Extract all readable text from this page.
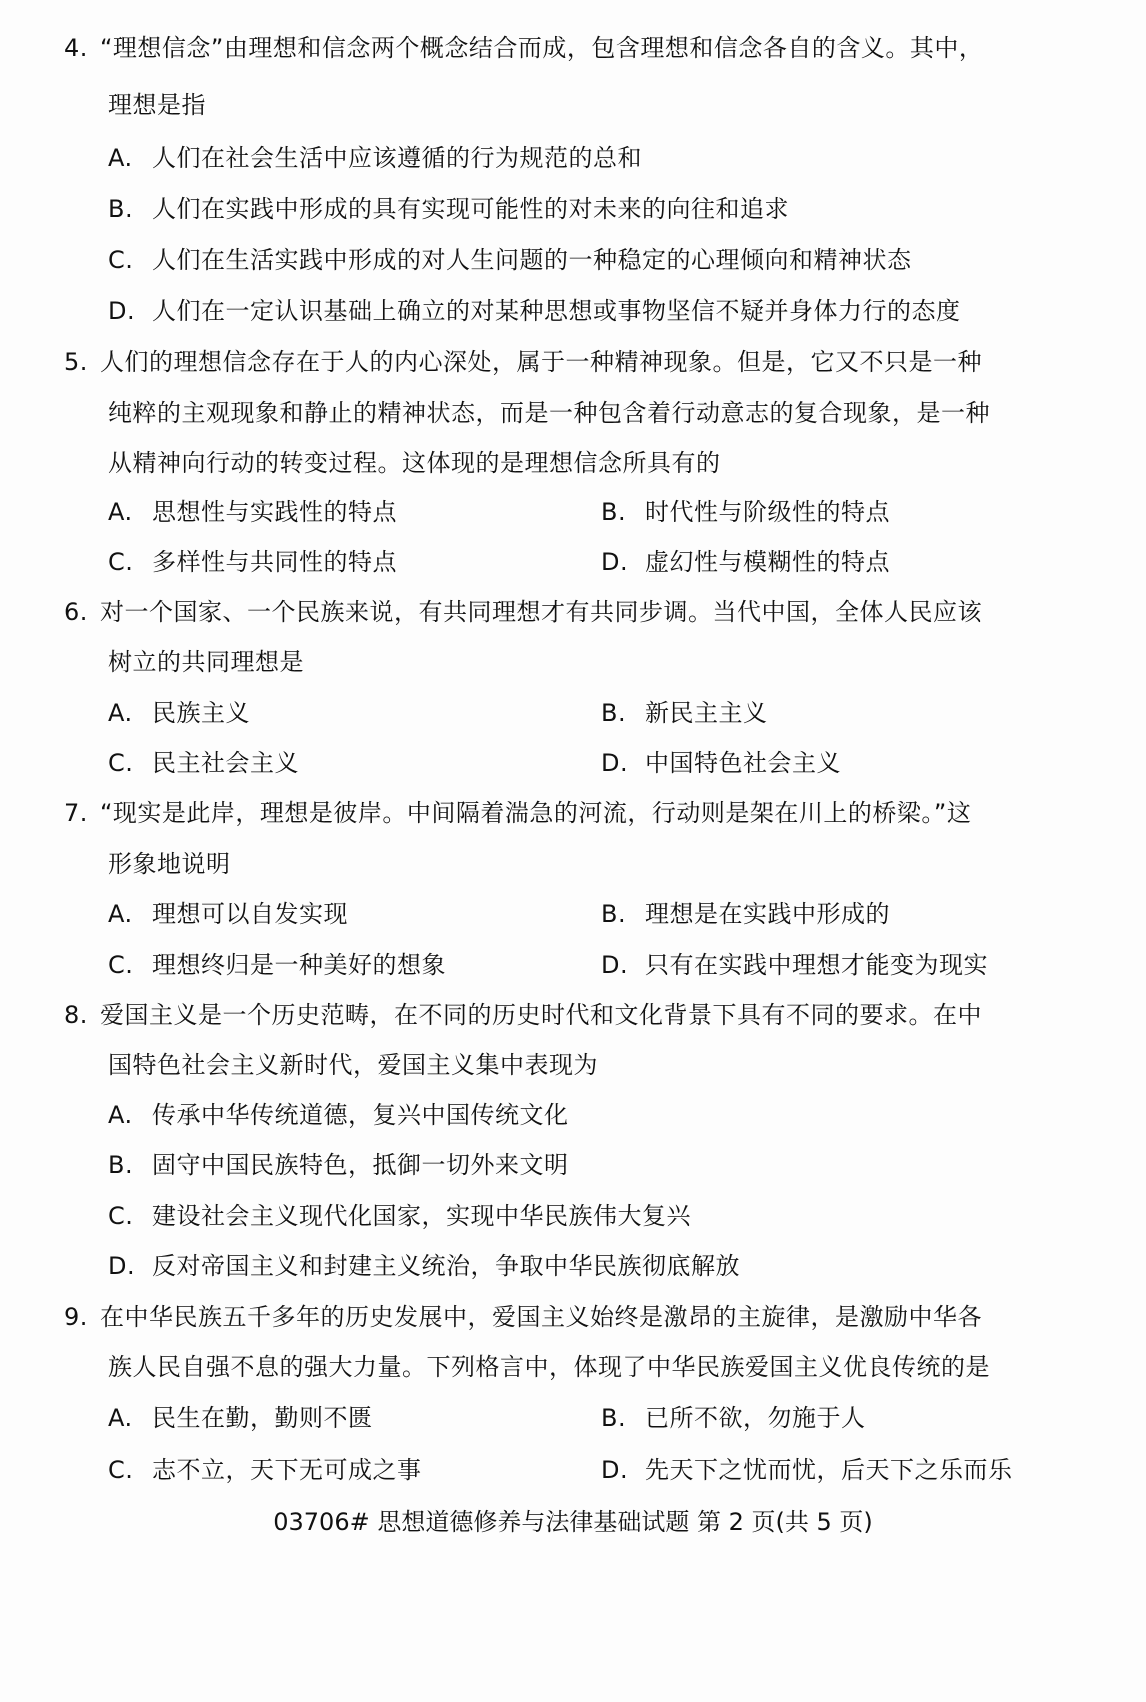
4. “理想信念”由理想和信念两个概念结合而成，包含理想和信念各自的含义。其中，
理想是指
A. 人们在社会生活中应该遵循的行为规范的总和
B. 人们在实践中形成的具有实现可能性的对未来的向往和追求
C. 人们在生活实践中形成的对人生问题的一种稳定的心理倾向和精神状态
D. 人们在一定认识基础上确立的对某种思想或事物坚信不疑并身体力行的态度
5. 人们的理想信念存在于人的内心深处，属于一种精神现象。但是，它又不只是一种
纯粹的主观现象和静止的精神状态，而是一种包含着行动意志的复合现象，是一种
从精神向行动的转变过程。这体现的是理想信念所具有的
A. 思想性与实践性的特点	B. 时代性与阶级性的特点
C. 多样性与共同性的特点	D. 虚幻性与模糊性的特点
6. 对一个国家、一个民族来说，有共同理想才有共同步调。当代中国，全体人民应该
树立的共同理想是
A. 民族主义	B. 新民主主义
C. 民主社会主义	D. 中国特色社会主义
7. “现实是此岸，理想是彼岸。中间隔着湍急的河流，行动则是架在川上的桥梁。”这
形象地说明
A. 理想可以自发实现	B. 理想是在实践中形成的
C. 理想终归是一种美好的想象	D. 只有在实践中理想才能变为现实
8. 爱国主义是一个历史范畴，在不同的历史时代和文化背景下具有不同的要求。在中
国特色社会主义新时代，爱国主义集中表现为
A. 传承中华传统道德，复兴中国传统文化
B. 固守中国民族特色，抵御一切外来文明
C. 建设社会主义现代化国家，实现中华民族伟大复兴
D. 反对帝国主义和封建主义统治，争取中华民族彻底解放
9. 在中华民族五千多年的历史发展中，爱国主义始终是激昂的主旋律，是激励中华各
族人民自强不息的强大力量。下列格言中，体现了中华民族爱国主义优良传统的是
A. 民生在勤，勤则不匮	B. 已所不欲，勿施于人
C. 志不立，天下无可成之事	D. 先天下之忧而忧，后天下之乐而乐
03706# 思想道德修养与法律基础试题 第 2 页(共 5 页)
